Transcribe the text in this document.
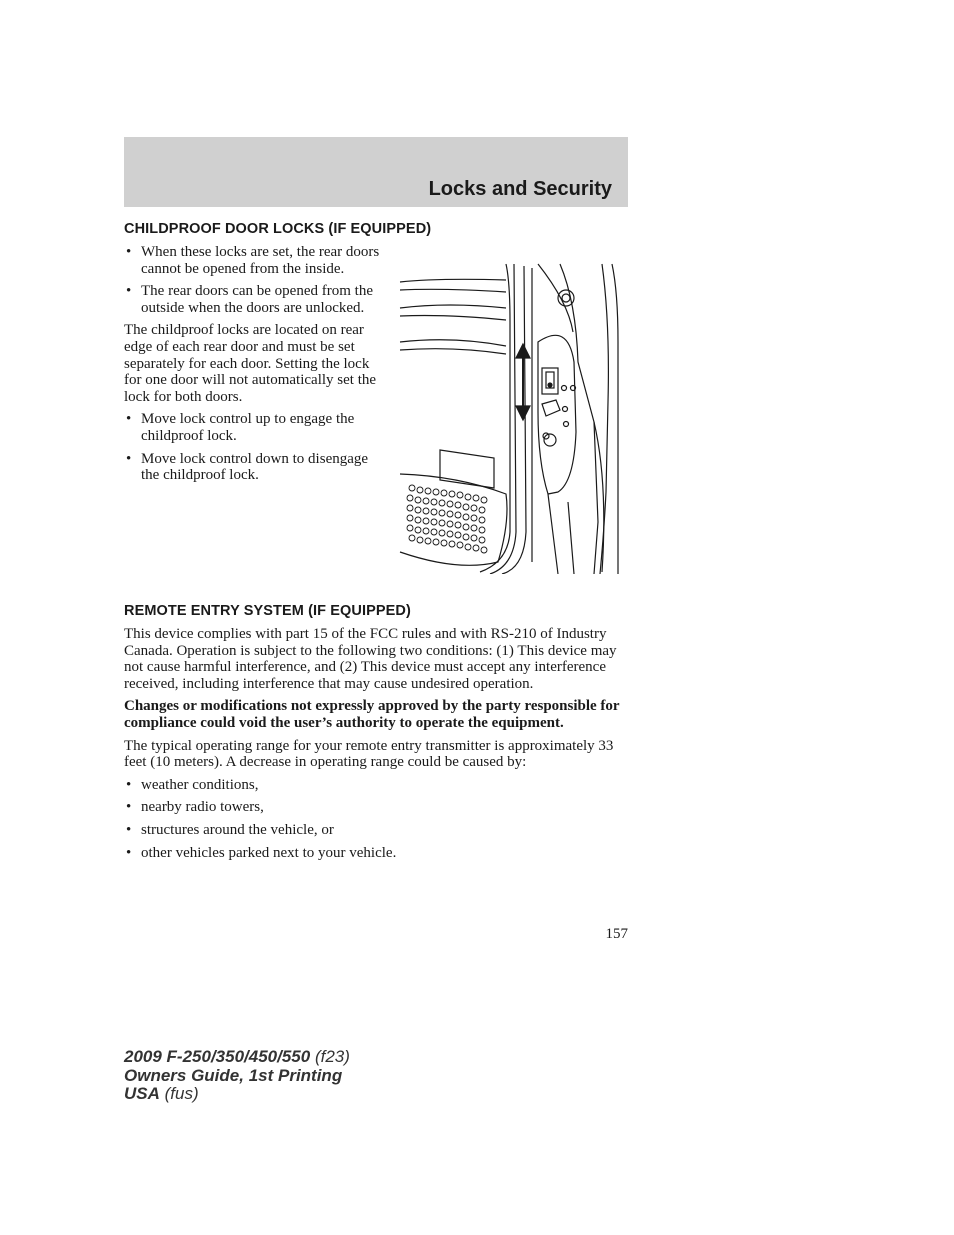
Locks and Security
CHILDPROOF DOOR LOCKS (IF EQUIPPED)
• When these locks are set, the rear doors cannot be opened from the inside.
• The rear doors can be opened from the outside when the doors are unlocked.

The childproof locks are located on rear edge of each rear door and must be set separately for each door. Setting the lock for one door will not automatically set the lock for both doors.

• Move lock control up to engage the childproof lock.
• Move lock control down to disengage the childproof lock.
REMOTE ENTRY SYSTEM (IF EQUIPPED)

This device complies with part 15 of the FCC rules and with RS-210 of Industry Canada. Operation is subject to the following two conditions: (1) This device may not cause harmful interference, and (2) This device must accept any interference received, including interference that may cause undesired operation.

Changes or modifications not expressly approved by the party responsible for compliance could void the user’s authority to operate the equipment.

The typical operating range for your remote entry transmitter is approximately 33 feet (10 meters). A decrease in operating range could be caused by:

• weather conditions,
• nearby radio towers,
• structures around the vehicle, or
• other vehicles parked next to your vehicle.
157
2009 F-250/350/450/550 (f23)
Owners Guide, 1st Printing
USA (fus)
